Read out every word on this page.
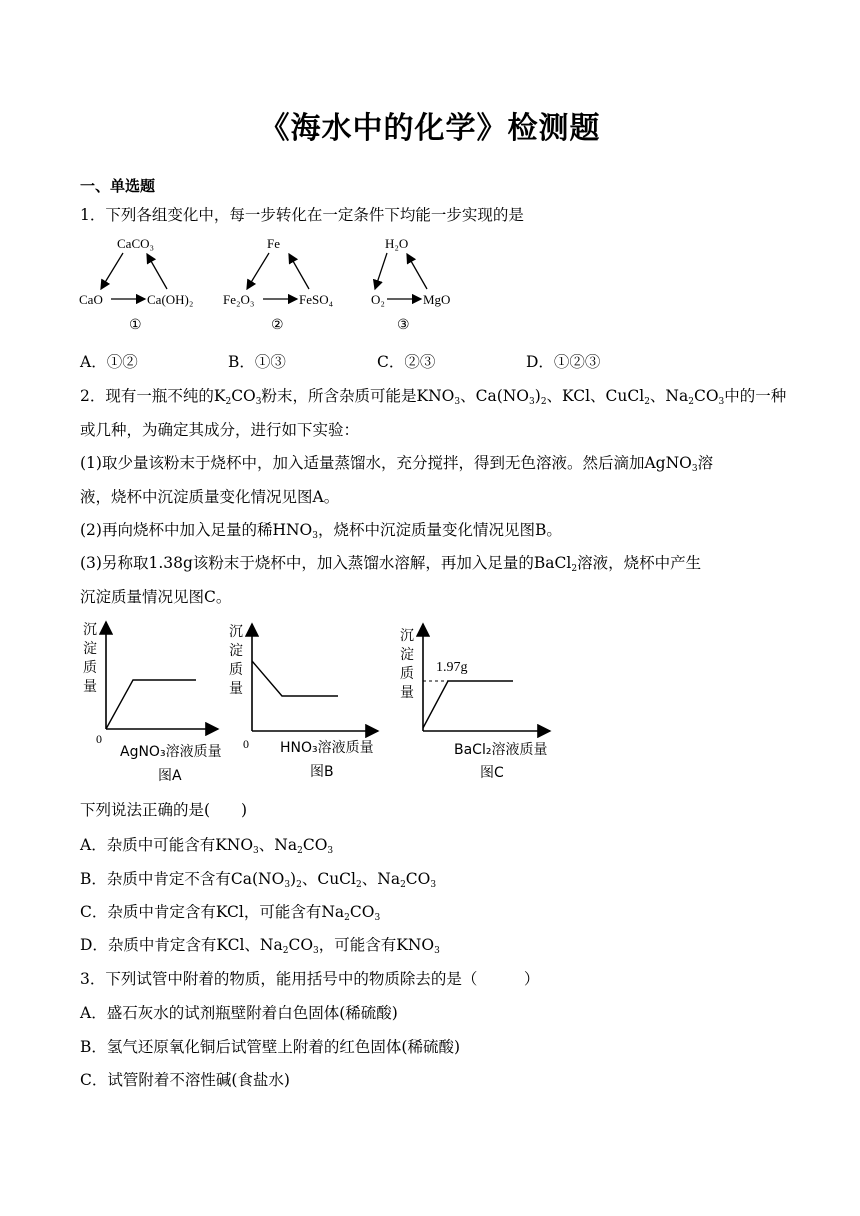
《海水中的化学》检测题
一、单选题
1．下列各组变化中，每一步转化在一定条件下均能一步实现的是
CaCO₃
CaO	Ca(OH)₂
①
Fe
Fe₂O₃	FeSO₄
②
H₂O
O₂	MgO
③
A．①②	B．①③	C．②③	D．①②③
2．现有一瓶不纯的$K_2CO_3$粉末，所含杂质可能是$KNO_3$、$Ca(NO_3)_2$、KCl、CuCl$_2$、$Na_2CO_3$中的一种
或几种，为确定其成分，进行如下实验：
(1)取少量该粉末于烧杯中，加入适量蒸馏水，充分搅拌，得到无色溶液。然后滴加AgNO$_3$溶
液，烧杯中沉淀质量变化情况见图A。
(2)再向烧杯中加入足量的稀$HNO_3$，烧杯中沉淀质量变化情况见图B。
(3)另称取1.38g该粉末于烧杯中，加入蒸馏水溶解，再加入足量的BaCl$_2$溶液，烧杯中产生
沉淀质量情况见图C。
沉
淀
质
量
0
AgNO₃溶液质量
图A
沉
淀
质
量
0 HNO₃溶液质量
图B
1.97g
沉
淀
质
量
BaCl₂溶液质量
图C
下列说法正确的是(　　)
A．杂质中可能含有$KNO_3$、$Na_2CO_3$
B．杂质中肯定不含有$Ca(NO_3)_2$、CuCl$_2$、$Na_2CO_3$
C．杂质中肯定含有KCl，可能含有$Na_2CO_3$
D．杂质中肯定含有KCl、$Na_2CO_3$，可能含有$KNO_3$
3．下列试管中附着的物质，能用括号中的物质除去的是（　　　）
A．盛石灰水的试剂瓶壁附着白色固体(稀硫酸)
B．氢气还原氧化铜后试管壁上附着的红色固体(稀硫酸)
C．试管附着不溶性碱(食盐水)
